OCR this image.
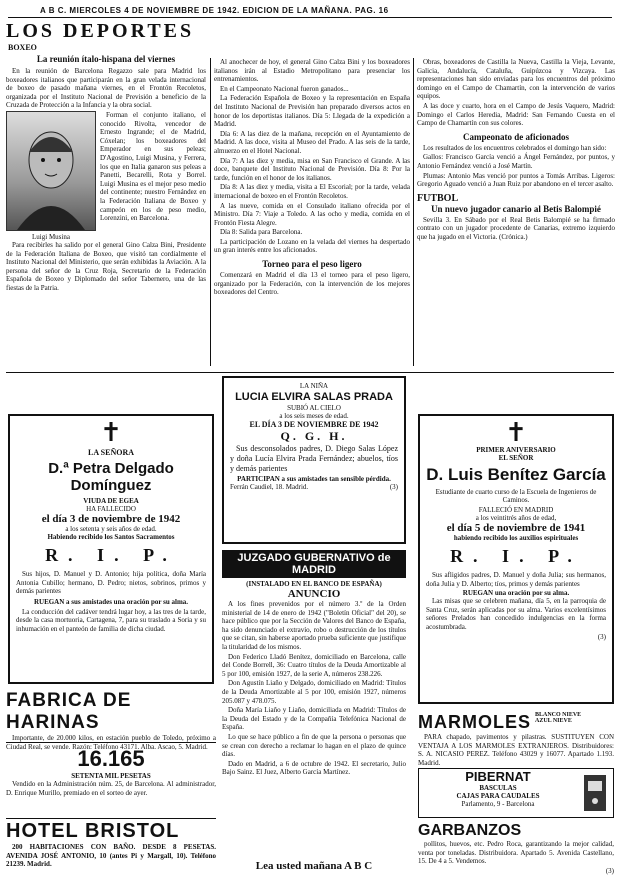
A B C. MIERCOLES 4 DE NOVIEMBRE DE 1942. EDICION DE LA MAÑANA. PAG. 16
LOS DEPORTES
BOXEO
La reunión ítalo-hispana del viernes

En la reunión de Barcelona Regazzo sale para Madrid los boxeadores italianos que participarán en la gran velada internacional de boxeo de pasado mañana viernes, en el Frontón Recoletos, organizada por el Instituto Nacional de Previsión a beneficio de la Cruzada de Protección a la Infancia y la obra social.

Luigi Musina

Forman el conjunto italiano, el conocido Rivolta, vencedor de Ernesto Ingrande; el de Madrid, Cóxelan; los boxeadores del Emperador en sus peleas; D'Agostino, Luigi Musina, y Ferrera, los que en Italia ganaron sus peleas a Panetti, Becarelli, Rota y Borrel. Luigi Musina es el mejor peso medio del continente; nuestro Fernández en la Federación Italiana de Boxeo y campeón en los de peso medio, Lorenzini, en Barcelona.

Para recibirles ha salido por el general Gino Calza Bini, Presidente de la Federación Italiana de Boxeo, que visitó tan cordialmente el Instituto Nacional del Ministerio, que serán exhibidas la Aviación. A la persona del señor de la Cruz Roja, Secretario de la Federación Española de Boxeo y Diplomado del señor Tabernero, una de las fiestas de la Patria.

Al anochecer de hoy, el general Gino Calza Bini y los boxeadores italianos irán al Estadio Metropolitano para presenciar los entrenamientos.

En el Campeonato Nacional fueron ganados...

La Federación Española de Boxeo y la representación en España del Instituto Nacional de Previsión han preparado diversos actos en honor de los deportistas italianos. Día 5: Llegada de la expedición a Madrid.

Día 6: A las diez de la mañana, recepción en el Ayuntamiento de Madrid. A las doce, visita al Museo del Prado. A las seis de la tarde, almuerzo en el Hotel Nacional.

Día 7: A las diez y media, misa en San Francisco el Grande. A las doce, banquete del Instituto Nacional de Previsión. Día 8: Por la tarde, función en el honor de los italianos.

Día 8: A las diez y media, visita a El Escorial; por la tarde, velada internacional de boxeo en el Frontón Recoletos.

A las nueve, comida en el Consulado italiano ofrecida por el Ministro. Día 7: Viaje a Toledo. A las ocho y media, comida en el Frontón Fiesta Alegre.

Día 8: Salida para Barcelona.

La participación de Lozano en la velada del viernes ha despertado un gran interés entre los aficionados.

Torneo para el peso ligero

Comenzará en Madrid el día 13 el torneo para el peso ligero, organizado por la Federación, con la intervención de los mejores boxeadores del Centro.

Obras, boxeadores de Castilla la Nueva, Castilla la Vieja, Levante, Galicia, Andalucía, Cataluña, Guipúzcoa y Vizcaya. Las representaciones han sido enviadas para los encuentros del próximo domingo en el Campo de Chamartín, con la intervención de varios equipos.

A las doce y cuarto, hora en el Campo de Jesús Vaquero, Madrid: Domingo el Carlos Heredia, Madrid: San Fernando Cuesta en el Campo de Chamartín con sus colores.

Campeonato de aficionados

Los resultados de los encuentros celebrados el domingo han sido:

Gallos: Francisco García venció a Ángel Fernández, por puntos, y Antonio Fernández venció a José Martín.

Plumas: Antonio Mas venció por puntos a Tomás Arribas. Ligeros: Gregorio Aguado venció a Juan Ruiz por abandono en el tercer asalto.

FUTBOL
Un nuevo jugador canario al Betis Balompié

Sevilla 3. En Sábado por el Real Betis Balompié se ha firmado contrato con un jugador procedente de Canarias, extremo izquierdo que ha jugado en el Victoria. (Crónica.)

✝
LA SEÑORA
D.ª Petra Delgado Domínguez
VIUDA DE EGEA
HA FALLECIDO
el día 3 de noviembre de 1942
a los setenta y seis años de edad.
Habiendo recibido los Santos Sacramentos
R. I. P.

Sus hijos, D. Manuel y D. Antonio; hija política, doña María Antonia Cubillo; hermano, D. Pedro; nietos, sobrinos, primos y demás parientes

RUEGAN a sus amistades una oración por su alma.

La conducción del cadáver tendrá lugar hoy, a las tres de la tarde, desde la casa mortuoria, Cartagena, 7, para su traslado a Soria y su inhumación en el panteón de familia de dicha ciudad.

LA NIÑA
LUCIA ELVIRA SALAS PRADA
SUBIÓ AL CIELO
a los seis meses de edad.
EL DÍA 3 DE NOVIEMBRE DE 1942
Q. G. H.

Sus desconsolados padres, D. Diego Salas López y doña Lucía Elvira Prada Fernández; abuelos, tíos y demás parientes

PARTICIPAN a sus amistades tan sensible pérdida.
Ferrán Caudiel, 18. Madrid.	(3)
JUZGADO GUBERNATIVO de MADRID
(INSTALADO EN EL BANCO DE ESPAÑA)
ANUNCIO

A los fines prevenidos por el número 3.º de la Orden ministerial de 14 de enero de 1942 ("Boletín Oficial" del 20), se hace público que por la Sección de Valores del Banco de España, ha sido denunciado el extravío, robo o destrucción de los títulos que se citan, sin haberse aportado prueba suficiente que justifique la titularidad de los mismos.

Don Federico Lladó Benítez, domiciliado en Barcelona, calle del Conde Borrell, 36: Cuatro títulos de la Deuda Amortizable al 5 por 100, emisión 1927, de la serie A, números 238.226.

Don Agustín Liaño y Delgado, domiciliado en Madrid: Títulos de la Deuda Amortizable al 5 por 100, emisión 1927, números 205.087 y 478.075.

Doña María Liaño y Liaño, domiciliada en Madrid: Títulos de la Deuda del Estado y de la Compañía Telefónica Nacional de España.

Lo que se hace público a fin de que la persona o personas que se crean con derecho a reclamar lo hagan en el plazo de quince días.

Dado en Madrid, a 6 de octubre de 1942. El secretario, Julio Bajo Sainz. El Juez, Alberto García Martínez.

Lea usted mañana A B C
✝
PRIMER ANIVERSARIO
EL SEÑOR
D. Luis Benítez García
Estudiante de cuarto curso de la Escuela de Ingenieros de Caminos.
FALLECIÓ EN MADRID
a los veintitrés años de edad,
el día 5 de noviembre de 1941
habiendo recibido los auxilios espirituales
R. I. P.

Sus afligidos padres, D. Manuel y doña Julia; sus hermanos, doña Julia y D. Alberto; tíos, primos y demás parientes

RUEGAN una oración por su alma.

Las misas que se celebren mañana, día 5, en la parroquia de Santa Cruz, serán aplicadas por su alma. Varios excelentísimos señores Prelados han concedido indulgencias en la forma acostumbrada.

(3)
FABRICA DE HARINAS

Importante, de 20.000 kilos, en estación pueblo de Toledo, próximo a Ciudad Real, se vende. Razón: Teléfono 43171. Alba. Ascao, 5. Madrid.

16.165
SETENTA MIL PESETAS

Vendido en la Administración núm. 25, de Barcelona. Al administrador, D. Enrique Murillo, premiado en el sorteo de ayer.

HOTEL BRISTOL

200 HABITACIONES CON BAÑO. DESDE 8 PESETAS. AVENIDA JOSÉ ANTONIO, 10 (antes Pi y Margall, 10). Teléfono 21239. Madrid.

MARMOLES BLANCO NIEVE AZUL NIEVE

PARA chapado, pavimentos y pilastras. SUSTITUYEN CON VENTAJA A LOS MARMOLES EXTRANJEROS. Distribuidores: S. A. NICASIO PEREZ. Teléfono 43029 y 16077. Apartado 1.193. Madrid.

PIBERNAT
BASCULAS
CAJAS PARA CAUDALES
Parlamento, 9 - Barcelona
GARBANZOS

pollitos, huevos, etc. Pedro Roca, garantizando la mejor calidad, venta por toneladas. Distribuidora. Apartado 5. Avenida Castellano, 15. De 4 a 5. Vendemos.

(3)
